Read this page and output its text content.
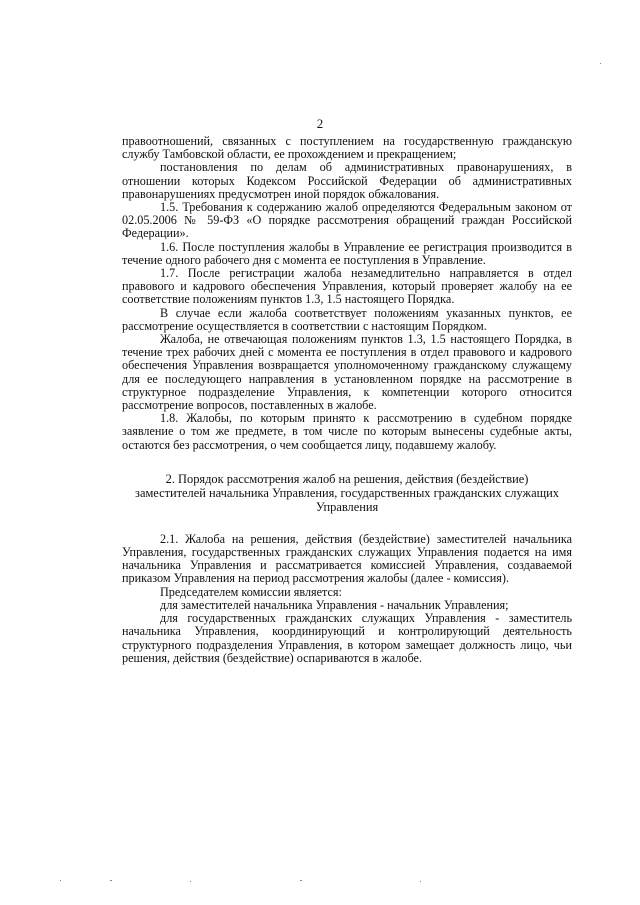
2

правоотношений, связанных с поступлением на государственную гражданскую службу Тамбовской области, ее прохождением и прекращением;

постановления по делам об административных правонарушениях, в отношении которых Кодексом Российской Федерации об административных правонарушениях предусмотрен иной порядок обжалования.

1.5. Требования к содержанию жалоб определяются Федеральным законом от 02.05.2006 № 59-ФЗ «О порядке рассмотрения обращений граждан Российской Федерации».

1.6. После поступления жалобы в Управление ее регистрация производится в течение одного рабочего дня с момента ее поступления в Управление.

1.7. После регистрации жалоба незамедлительно направляется в отдел правового и кадрового обеспечения Управления, который проверяет жалобу на ее соответствие положениям пунктов 1.3, 1.5 настоящего Порядка.

В случае если жалоба соответствует положениям указанных пунктов, ее рассмотрение осуществляется в соответствии с настоящим Порядком.

Жалоба, не отвечающая положениям пунктов 1.3, 1.5 настоящего Порядка, в течение трех рабочих дней с момента ее поступления в отдел правового и кадрового обеспечения Управления возвращается уполномоченному гражданскому служащему для ее последующего направления в установленном порядке на рассмотрение в структурное подразделение Управления, к компетенции которого относится рассмотрение вопросов, поставленных в жалобе.

1.8. Жалобы, по которым принято к рассмотрению в судебном порядке заявление о том же предмете, в том числе по которым вынесены судебные акты, остаются без рассмотрения, о чем сообщается лицу, подавшему жалобу.

2. Порядок рассмотрения жалоб на решения, действия (бездействие) заместителей начальника Управления, государственных гражданских служащих Управления

2.1. Жалоба на решения, действия (бездействие) заместителей начальника Управления, государственных гражданских служащих Управления подается на имя начальника Управления и рассматривается комиссией Управления, создаваемой приказом Управления на период рассмотрения жалобы (далее - комиссия).

Председателем комиссии является:

для заместителей начальника Управления - начальник Управления;

для государственных гражданских служащих Управления - заместитель начальника Управления, координирующий и контролирующий деятельность структурного подразделения Управления, в котором замещает должность лицо, чьи решения, действия (бездействие) оспариваются в жалобе.
